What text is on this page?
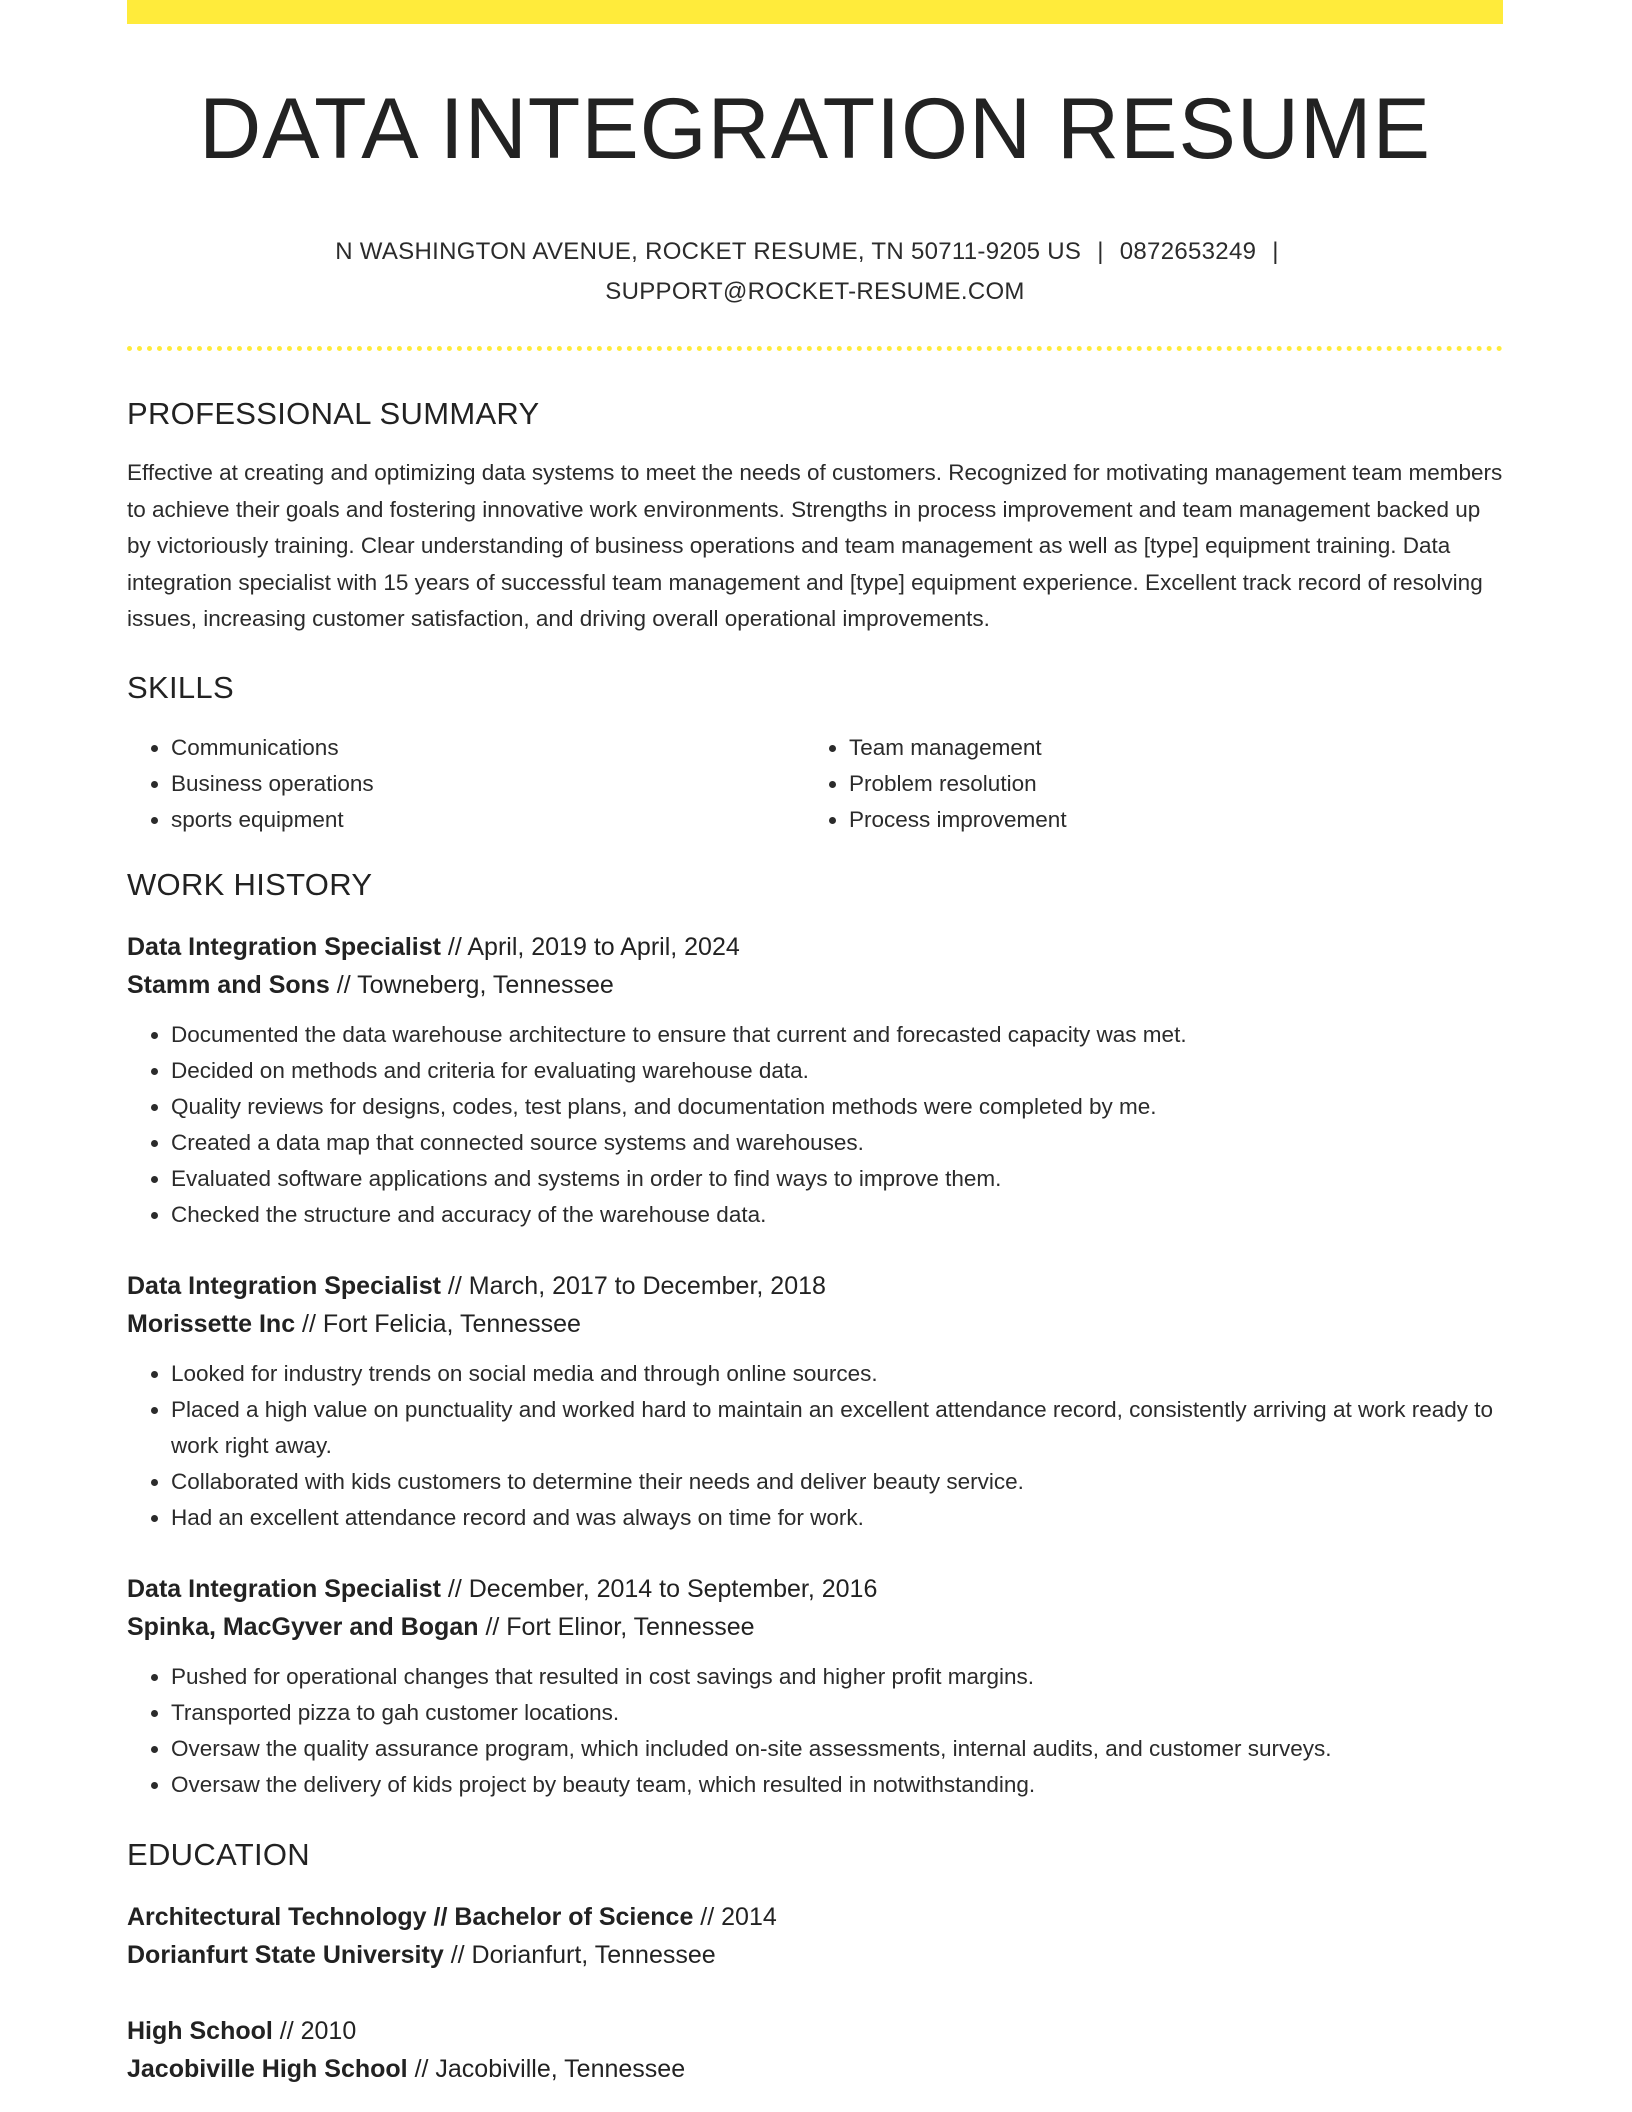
DATA INTEGRATION RESUME
N WASHINGTON AVENUE, ROCKET RESUME, TN 50711-9205 US | 0872653249 |
SUPPORT@ROCKET-RESUME.COM
PROFESSIONAL SUMMARY

Effective at creating and optimizing data systems to meet the needs of customers. Recognized for motivating management team members to achieve their goals and fostering innovative work environments. Strengths in process improvement and team management backed up by victoriously training. Clear understanding of business operations and team management as well as [type] equipment training. Data integration specialist with 15 years of successful team management and [type] equipment experience. Excellent track record of resolving issues, increasing customer satisfaction, and driving overall operational improvements.

SKILLS
• Communications
• Business operations
• sports equipment
• Team management
• Problem resolution
• Process improvement
WORK HISTORY
Data Integration Specialist // April, 2019 to April, 2024
Stamm and Sons // Towneberg, Tennessee
• Documented the data warehouse architecture to ensure that current and forecasted capacity was met.
• Decided on methods and criteria for evaluating warehouse data.
• Quality reviews for designs, codes, test plans, and documentation methods were completed by me.
• Created a data map that connected source systems and warehouses.
• Evaluated software applications and systems in order to find ways to improve them.
• Checked the structure and accuracy of the warehouse data.
Data Integration Specialist // March, 2017 to December, 2018
Morissette Inc // Fort Felicia, Tennessee
• Looked for industry trends on social media and through online sources.
• Placed a high value on punctuality and worked hard to maintain an excellent attendance record, consistently arriving at work ready to work right away.
• Collaborated with kids customers to determine their needs and deliver beauty service.
• Had an excellent attendance record and was always on time for work.
Data Integration Specialist // December, 2014 to September, 2016
Spinka, MacGyver and Bogan // Fort Elinor, Tennessee
• Pushed for operational changes that resulted in cost savings and higher profit margins.
• Transported pizza to gah customer locations.
• Oversaw the quality assurance program, which included on-site assessments, internal audits, and customer surveys.
• Oversaw the delivery of kids project by beauty team, which resulted in notwithstanding.
EDUCATION
Architectural Technology // Bachelor of Science // 2014
Dorianfurt State University // Dorianfurt, Tennessee
High School // 2010
Jacobiville High School // Jacobiville, Tennessee
